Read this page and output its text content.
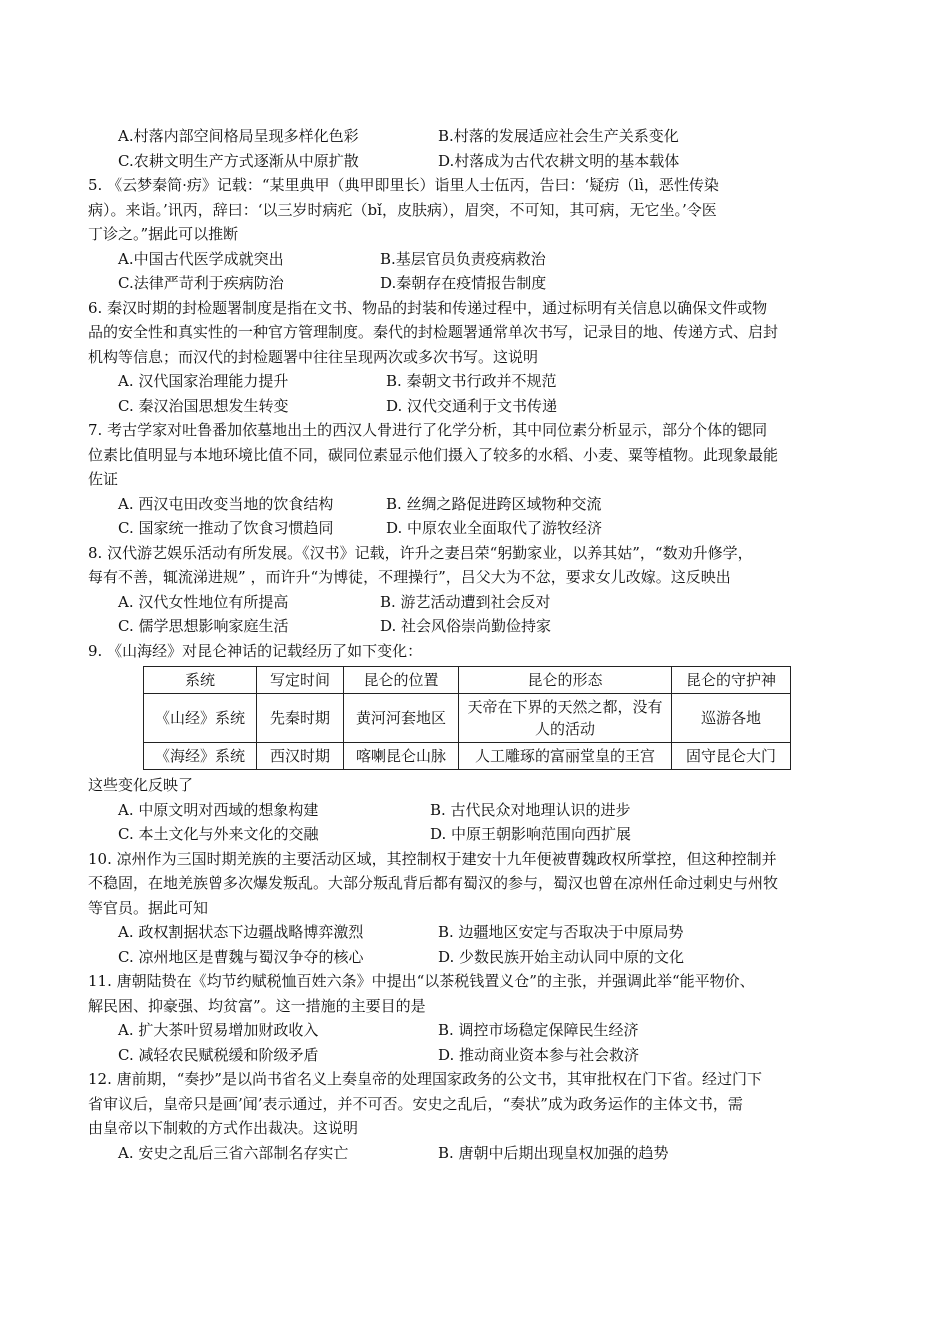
A.村落内部空间格局呈现多样化色彩	B.村落的发展适应社会生产关系变化
C.农耕文明生产方式逐渐从中原扩散	D.村落成为古代农耕文明的基本载体
5. 《云梦秦简·疠》记载：“某里典甲（典甲即里长）诣里人士伍丙，告曰：‘疑疠（lì，恶性传染
病）。来诣。’讯丙，辞曰：‘以三岁时病疕（bǐ，皮肤病），眉突，不可知，其可病，无它坐。’令医
丁诊之。”据此可以推断
A.中国古代医学成就突出	B.基层官员负责疫病救治
C.法律严苛利于疾病防治	D.秦朝存在疫情报告制度
6. 秦汉时期的封检题署制度是指在文书、物品的封装和传递过程中，通过标明有关信息以确保文件或物
品的安全性和真实性的一种官方管理制度。秦代的封检题署通常单次书写，记录目的地、传递方式、启封
机构等信息；而汉代的封检题署中往往呈现两次或多次书写。这说明
A. 汉代国家治理能力提升	B. 秦朝文书行政并不规范
C. 秦汉治国思想发生转变	D. 汉代交通利于文书传递
7. 考古学家对吐鲁番加依墓地出土的西汉人骨进行了化学分析，其中同位素分析显示，部分个体的锶同
位素比值明显与本地环境比值不同，碳同位素显示他们摄入了较多的水稻、小麦、粟等植物。此现象最能
佐证
A. 西汉屯田改变当地的饮食结构	B. 丝绸之路促进跨区域物种交流
C. 国家统一推动了饮食习惯趋同	D. 中原农业全面取代了游牧经济
8. 汉代游艺娱乐活动有所发展。《汉书》记载，许升之妻吕荣“躬勤家业，以养其姑”，“数劝升修学，
每有不善，辄流涕进规” ，而许升“为博徒，不理操行”，吕父大为不忿，要求女儿改嫁。这反映出
A. 汉代女性地位有所提高	B. 游艺活动遭到社会反对
C. 儒学思想影响家庭生活	D. 社会风俗崇尚勤俭持家
9. 《山海经》对昆仑神话的记载经历了如下变化：
系统	写定时间	昆仑的位置	昆仑的形态	昆仑的守护神
《山经》系统	先秦时期	黄河河套地区	天帝在下界的天然之都，没有人的活动	巡游各地
《海经》系统	西汉时期	喀喇昆仑山脉	人工雕琢的富丽堂皇的王宫	固守昆仑大门
这些变化反映了
A. 中原文明对西域的想象构建	B. 古代民众对地理认识的进步
C. 本土文化与外来文化的交融	D. 中原王朝影响范围向西扩展
10. 凉州作为三国时期羌族的主要活动区域，其控制权于建安十九年便被曹魏政权所掌控，但这种控制并
不稳固，在地羌族曾多次爆发叛乱。大部分叛乱背后都有蜀汉的参与，蜀汉也曾在凉州任命过刺史与州牧
等官员。据此可知
A. 政权割据状态下边疆战略博弈激烈	B. 边疆地区安定与否取决于中原局势
C. 凉州地区是曹魏与蜀汉争夺的核心	D. 少数民族开始主动认同中原的文化
11. 唐朝陆贽在《均节约赋税恤百姓六条》中提出“以茶税钱置义仓”的主张，并强调此举“能平物价、
解民困、抑豪强、均贫富”。这一措施的主要目的是
A. 扩大茶叶贸易增加财政收入	B. 调控市场稳定保障民生经济
C. 减轻农民赋税缓和阶级矛盾	D. 推动商业资本参与社会救济
12. 唐前期，“奏抄”是以尚书省名义上奏皇帝的处理国家政务的公文书，其审批权在门下省。经过门下
省审议后，皇帝只是画’闻’表示通过，并不可否。安史之乱后，“奏状”成为政务运作的主体文书，需
由皇帝以下制敕的方式作出裁决。这说明
A. 安史之乱后三省六部制名存实亡	B. 唐朝中后期出现皇权加强的趋势
